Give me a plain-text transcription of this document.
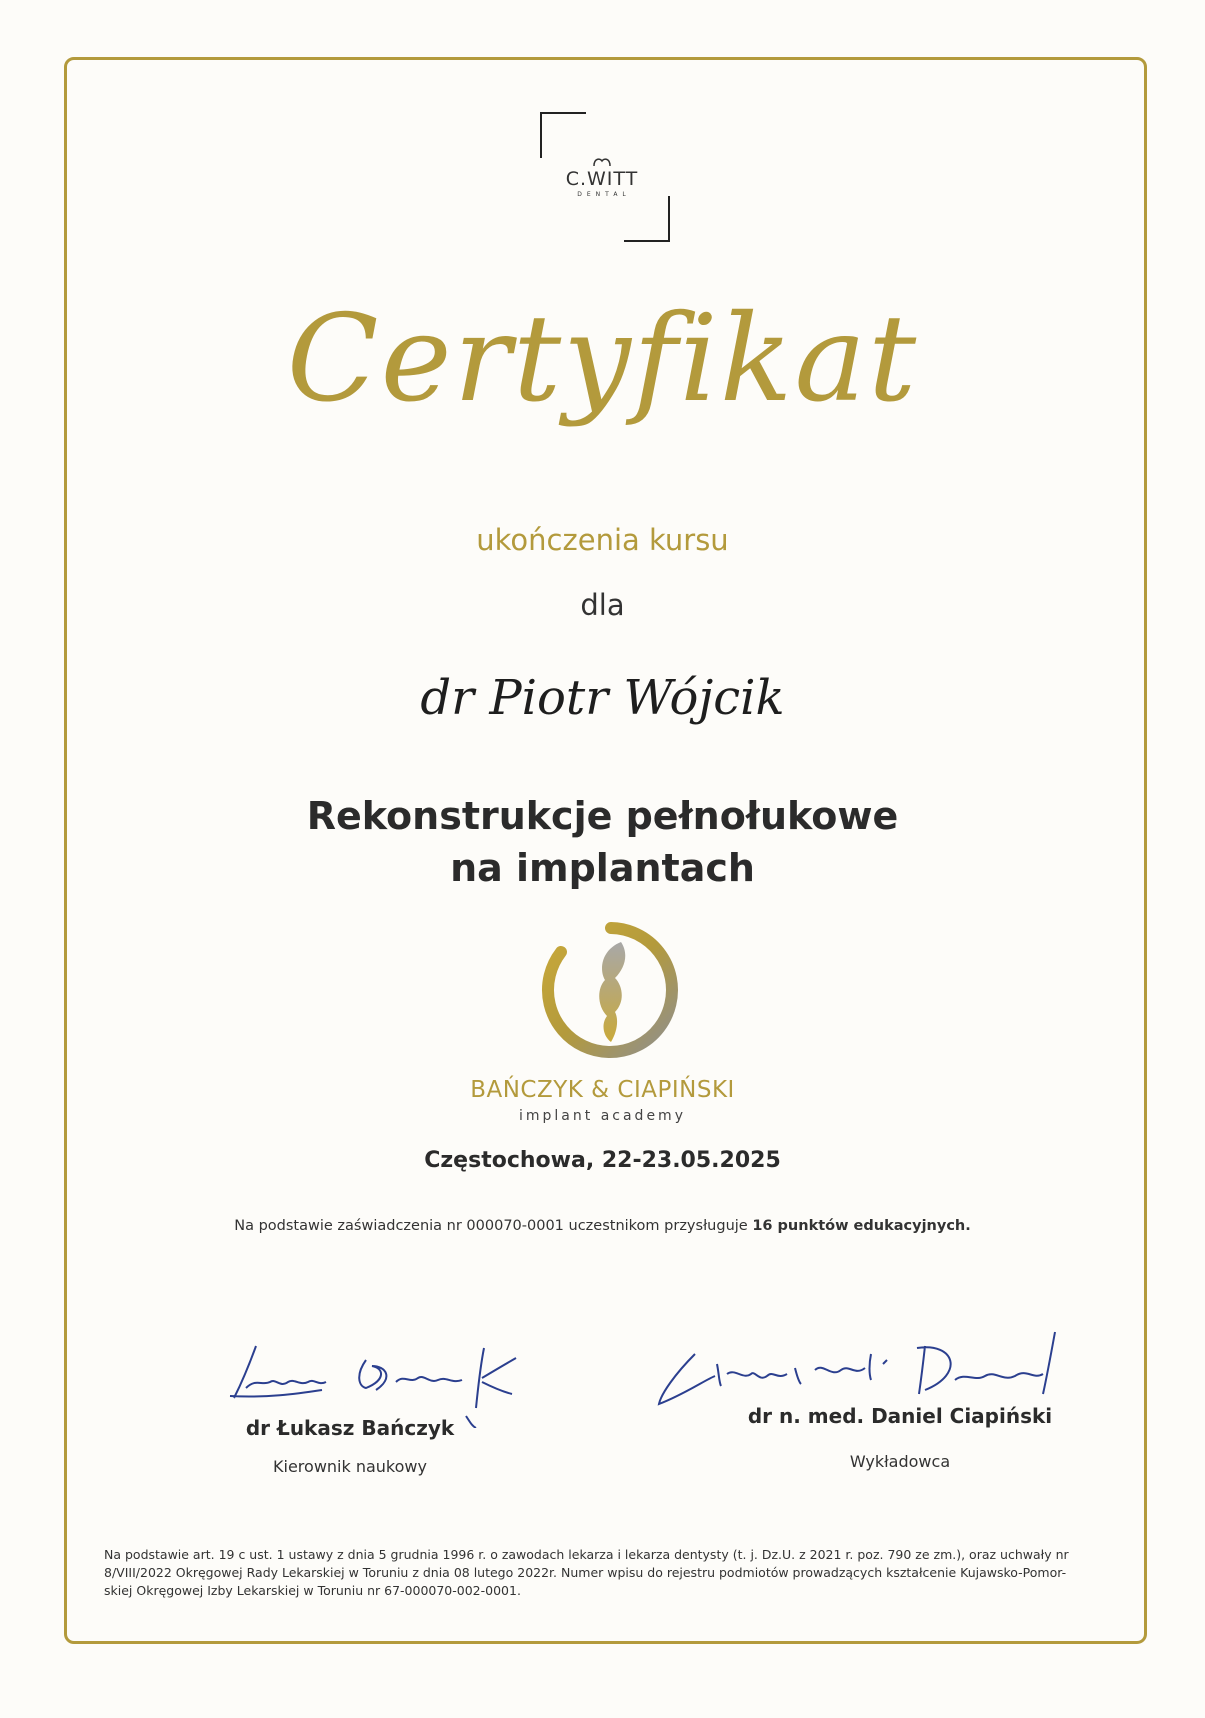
C.WITT
DENTAL
Certyfikat
ukończenia kursu
dla
dr Piotr Wójcik
Rekonstrukcje pełnołukowe
na implantach
BAŃCZYK & CIAPIŃSKI
implant academy
Częstochowa, 22-23.05.2025
Na podstawie zaświadczenia nr 000070-0001 uczestnikom przysługuje 16 punktów edukacyjnych.
dr Łukasz Bańczyk
Kierownik naukowy
dr n. med. Daniel Ciapiński
Wykładowca
Na podstawie art. 19 c ust. 1 ustawy z dnia 5 grudnia 1996 r. o zawodach lekarza i lekarza dentysty (t. j. Dz.U. z 2021 r. poz. 790 ze zm.), oraz uchwały nr
8/VIII/2022 Okręgowej Rady Lekarskiej w Toruniu z dnia 08 lutego 2022r. Numer wpisu do rejestru podmiotów prowadzących kształcenie Kujawsko-Pomor-
skiej Okręgowej Izby Lekarskiej w Toruniu nr 67-000070-002-0001.
